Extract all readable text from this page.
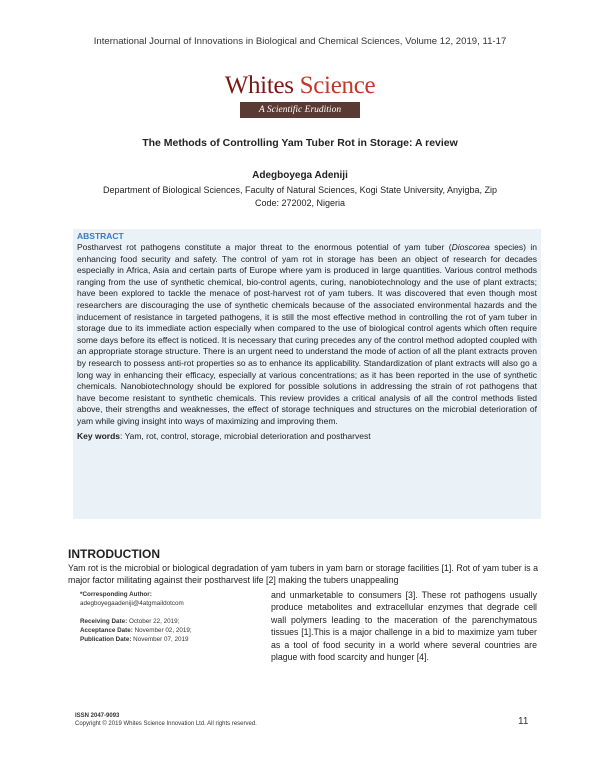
International Journal of Innovations in Biological and Chemical Sciences, Volume 12, 2019, 11-17
Whites Science
A Scientific Erudition
The Methods of Controlling Yam Tuber Rot in Storage: A review
Adegboyega Adeniji
Department of Biological Sciences, Faculty of Natural Sciences, Kogi State University, Anyigba, Zip Code: 272002, Nigeria
ABSTRACT
Postharvest rot pathogens constitute a major threat to the enormous potential of yam tuber (Dioscorea species) in enhancing food security and safety. The control of yam rot in storage has been an object of research for decades especially in Africa, Asia and certain parts of Europe where yam is produced in large quantities. Various control methods ranging from the use of synthetic chemical, bio-control agents, curing, nanobiotechnology and the use of plant extracts; have been explored to tackle the menace of post-harvest rot of yam tubers. It was discovered that even though most researchers are discouraging the use of synthetic chemicals because of the associated environmental hazards and the inducement of resistance in targeted pathogens, it is still the most effective method in controlling the rot of yam tuber in storage due to its immediate action especially when compared to the use of biological control agents which often require some days before its effect is noticed. It is necessary that curing precedes any of the control method adopted coupled with an appropriate storage structure. There is an urgent need to understand the mode of action of all the plant extracts proven by research to possess anti-rot properties so as to enhance its applicability. Standardization of plant extracts will also go a long way in enhancing their efficacy, especially at various concentrations; as it has been reported in the use of synthetic chemicals. Nanobiotechnology should be explored for possible solutions in addressing the strain of rot pathogens that have become resistant to synthetic chemicals. This review provides a critical analysis of all the control methods listed above, their strengths and weaknesses, the effect of storage techniques and structures on the microbial deterioration of yam while giving insight into ways of maximizing and improving them.
Key words: Yam, rot, control, storage, microbial deterioration and postharvest
INTRODUCTION
Yam rot is the microbial or biological degradation of yam tubers in yam barn or storage facilities [1]. Rot of yam tuber is a major factor militating against their postharvest life [2] making the tubers unappealing
*Corresponding Author:
adegboyegaadeniji@4atgmaildotcom
Receiving Date: October 22, 2019;
Acceptance Date: November 02, 2019;
Publication Date: November 07, 2019
and unmarketable to consumers [3]. These rot pathogens usually produce metabolites and extracellular enzymes that degrade cell wall polymers leading to the maceration of the parenchymatous tissues [1].This is a major challenge in a bid to maximize yam tuber as a tool of food security in a world where several countries are plague with food scarcity and hunger [4].
ISSN 2047-9093
Copyright © 2019 Whites Science Innovation Ltd. All rights reserved.	11
